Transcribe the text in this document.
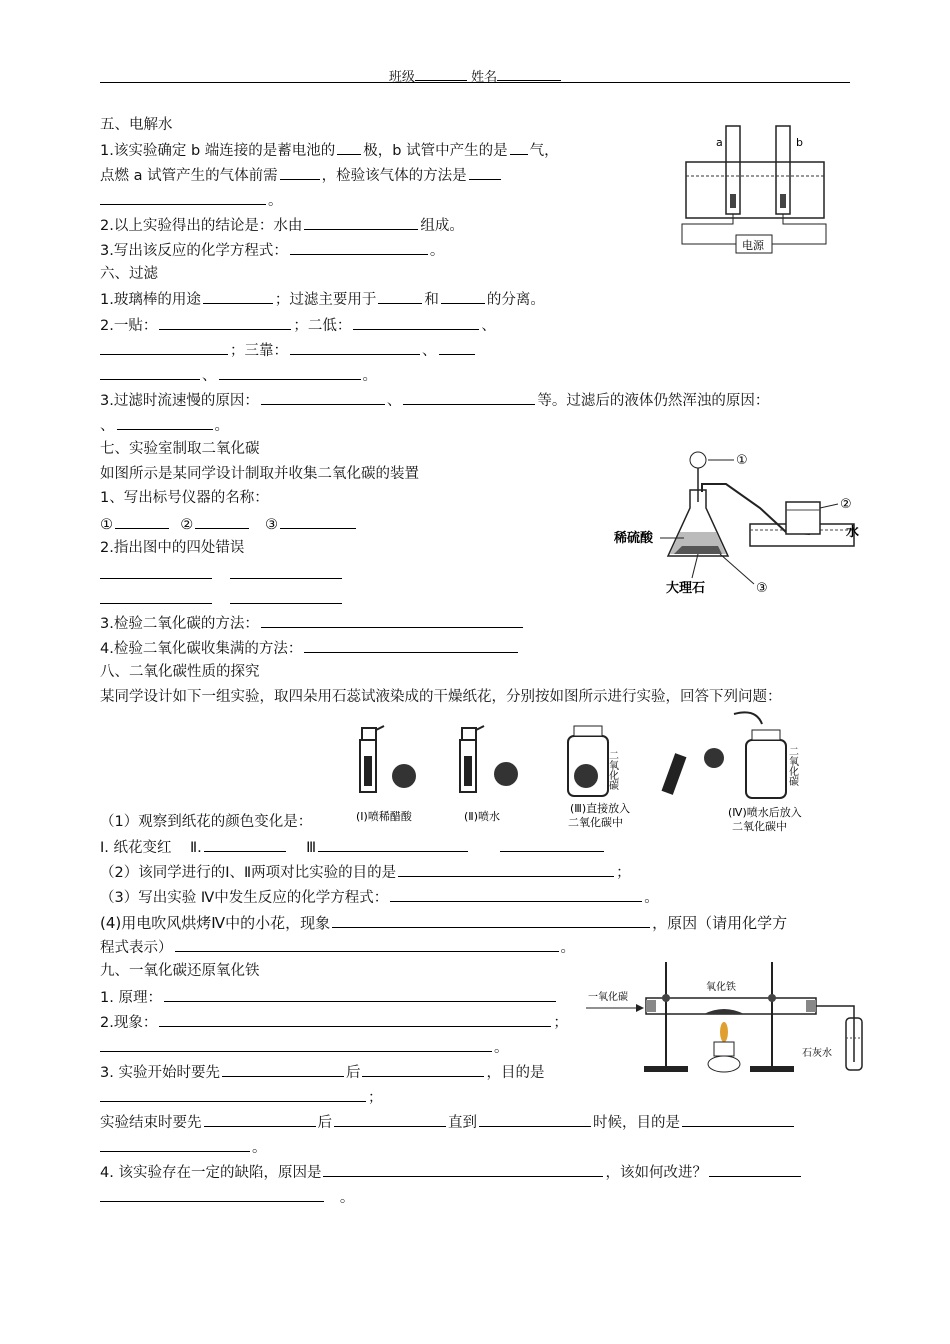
班级	姓名
五、电解水
1.该实验确定 b 端连接的是蓄电池的 极，b 试管中产生的是 气，
点燃 a 试管产生的气体前需	，检验该气体的方法是
。
2.以上实验得出的结论是：水由	组成。
3.写出该反应的化学方程式：	。
a	b
电源
六、过滤
1.玻璃棒的用途	；过滤主要用于	和	的分离。
2.一贴：	；二低：	、
；三靠：	、
、	。
3.过滤时流速慢的原因：	、	等。过滤后的液体仍然浑浊的原因：
、	。
七、实验室制取二氧化碳
如图所示是某同学设计制取并收集二氧化碳的装置
1、写出标号仪器的名称：
①	②	③
2.指出图中的四处错误

3.检验二氧化碳的方法：
4.检验二氧化碳收集满的方法：
①
②
水
稀硫酸
大理石	③
八、二氧化碳性质的探究
某同学设计如下一组实验，取四朵用石蕊试液染成的干燥纸花，分别按如图所示进行实验，回答下列问题：
(Ⅰ)喷稀醋酸	(Ⅱ)喷水
二氧化碳
(Ⅲ)直接放入
二氧化碳中
二氧化碳
(Ⅳ)喷水后放入
二氧化碳中
（1）观察到纸花的颜色变化是：
Ⅰ. 纸花变红 Ⅱ.	Ⅲ
（2）该同学进行的Ⅰ、Ⅱ两项对比实验的目的是	；
（3）写出实验 Ⅳ中发生反应的化学方程式：	。
(4)用电吹风烘烤Ⅳ中的小花，现象	，原因（请用化学方
程式表示）	。
九、一氧化碳还原氧化铁
1. 原理：
2.现象：	；
。
3. 实验开始时要先	后	，目的是
；
实验结束时要先	后	直到	时候，目的是
。
4. 该实验存在一定的缺陷，原因是	，该如何改进？
。
一氧化碳
氧化铁
石灰水
